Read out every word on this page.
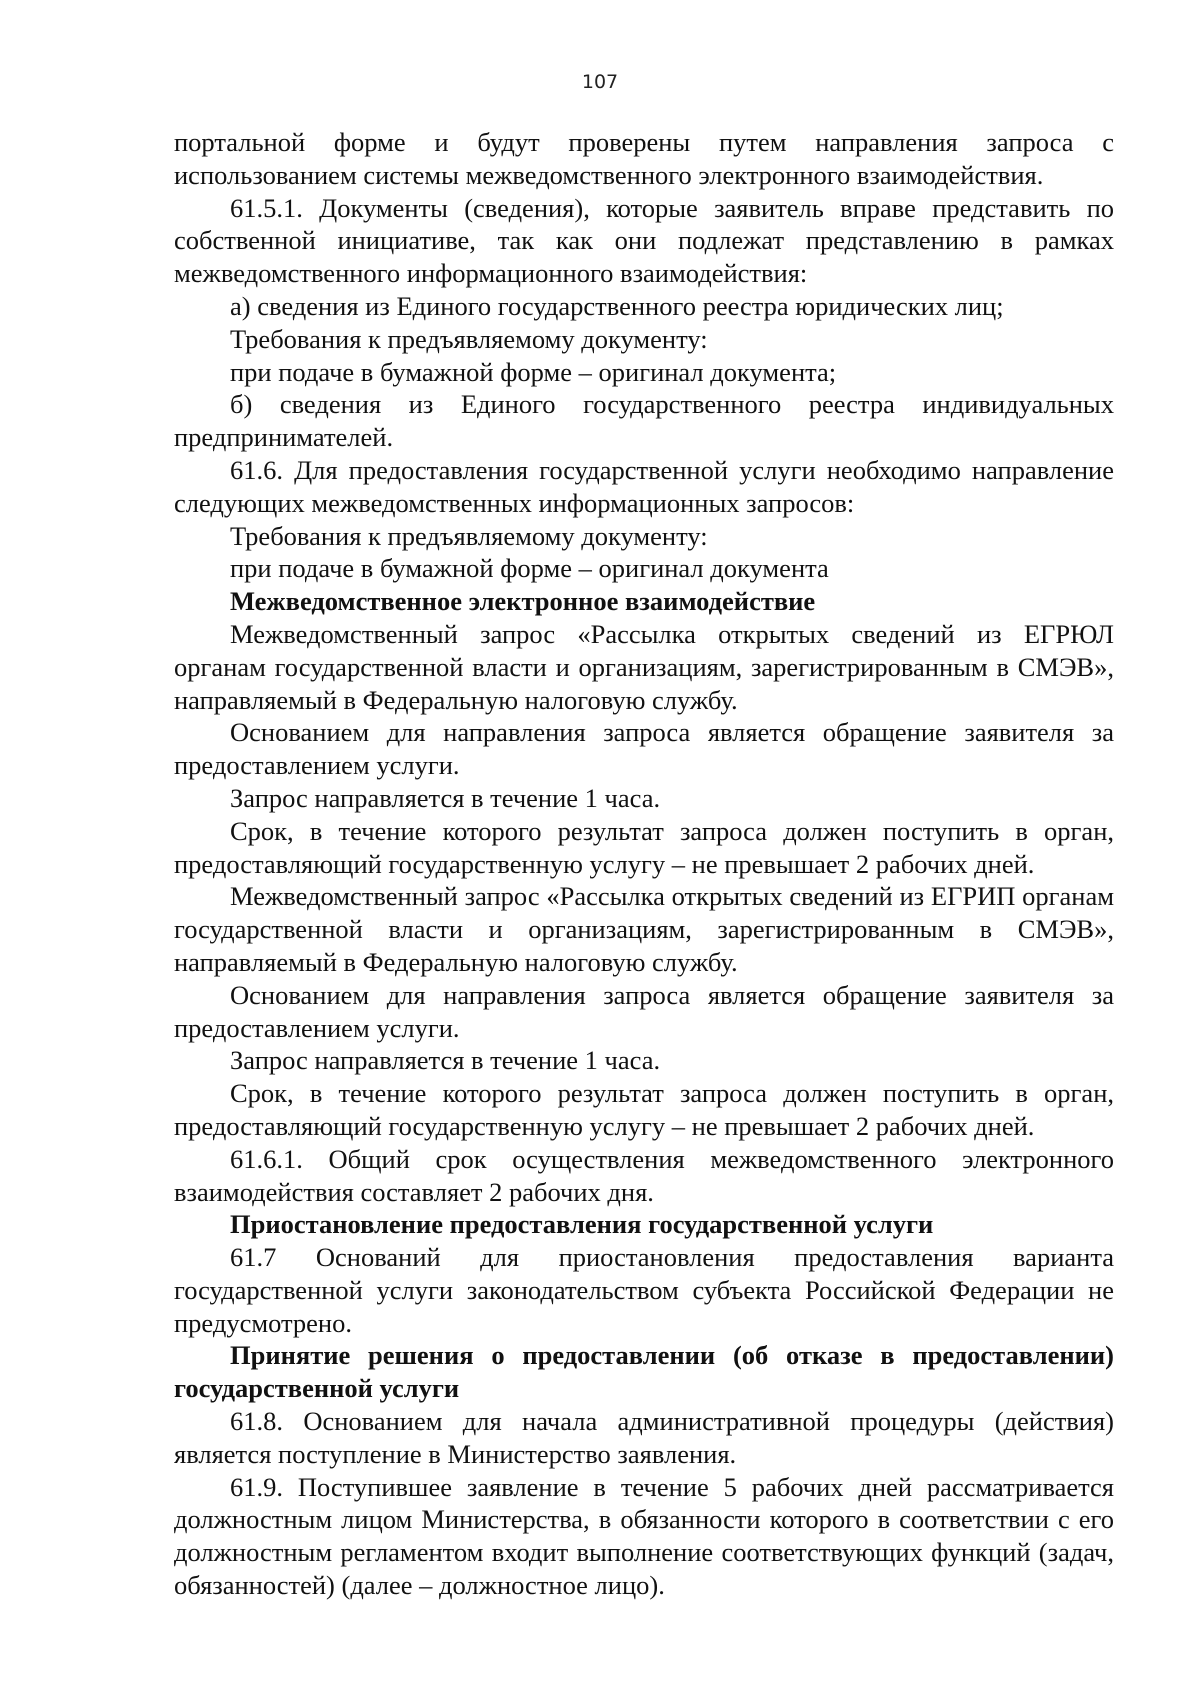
107

портальной форме и будут проверены путем направления запроса с использованием системы межведомственного электронного взаимодействия.

61.5.1. Документы (сведения), которые заявитель вправе представить по собственной инициативе, так как они подлежат представлению в рамках межведомственного информационного взаимодействия:

а) сведения из Единого государственного реестра юридических лиц;

Требования к предъявляемому документу:

при подаче в бумажной форме – оригинал документа;

б) сведения из Единого государственного реестра индивидуальных предпринимателей.

61.6. Для предоставления государственной услуги необходимо направление следующих межведомственных информационных запросов:

Требования к предъявляемому документу:

при подаче в бумажной форме – оригинал документа

Межведомственное электронное взаимодействие

Межведомственный запрос «Рассылка открытых сведений из ЕГРЮЛ органам государственной власти и организациям, зарегистрированным в СМЭВ», направляемый в Федеральную налоговую службу.

Основанием для направления запроса является обращение заявителя за предоставлением услуги.

Запрос направляется в течение 1 часа.

Срок, в течение которого результат запроса должен поступить в орган, предоставляющий государственную услугу – не превышает 2 рабочих дней.

Межведомственный запрос «Рассылка открытых сведений из ЕГРИП органам государственной власти и организациям, зарегистрированным в СМЭВ», направляемый в Федеральную налоговую службу.

Основанием для направления запроса является обращение заявителя за предоставлением услуги.

Запрос направляется в течение 1 часа.

Срок, в течение которого результат запроса должен поступить в орган, предоставляющий государственную услугу – не превышает 2 рабочих дней.

61.6.1. Общий срок осуществления межведомственного электронного взаимодействия составляет 2 рабочих дня.

Приостановление предоставления государственной услуги

61.7 Оснований для приостановления предоставления варианта государственной услуги законодательством субъекта Российской Федерации не предусмотрено.

Принятие решения о предоставлении (об отказе в предоставлении) государственной услуги

61.8. Основанием для начала административной процедуры (действия) является поступление в Министерство заявления.

61.9. Поступившее заявление в течение 5 рабочих дней рассматривается должностным лицом Министерства, в обязанности которого в соответствии с его должностным регламентом входит выполнение соответствующих функций (задач, обязанностей) (далее – должностное лицо).
